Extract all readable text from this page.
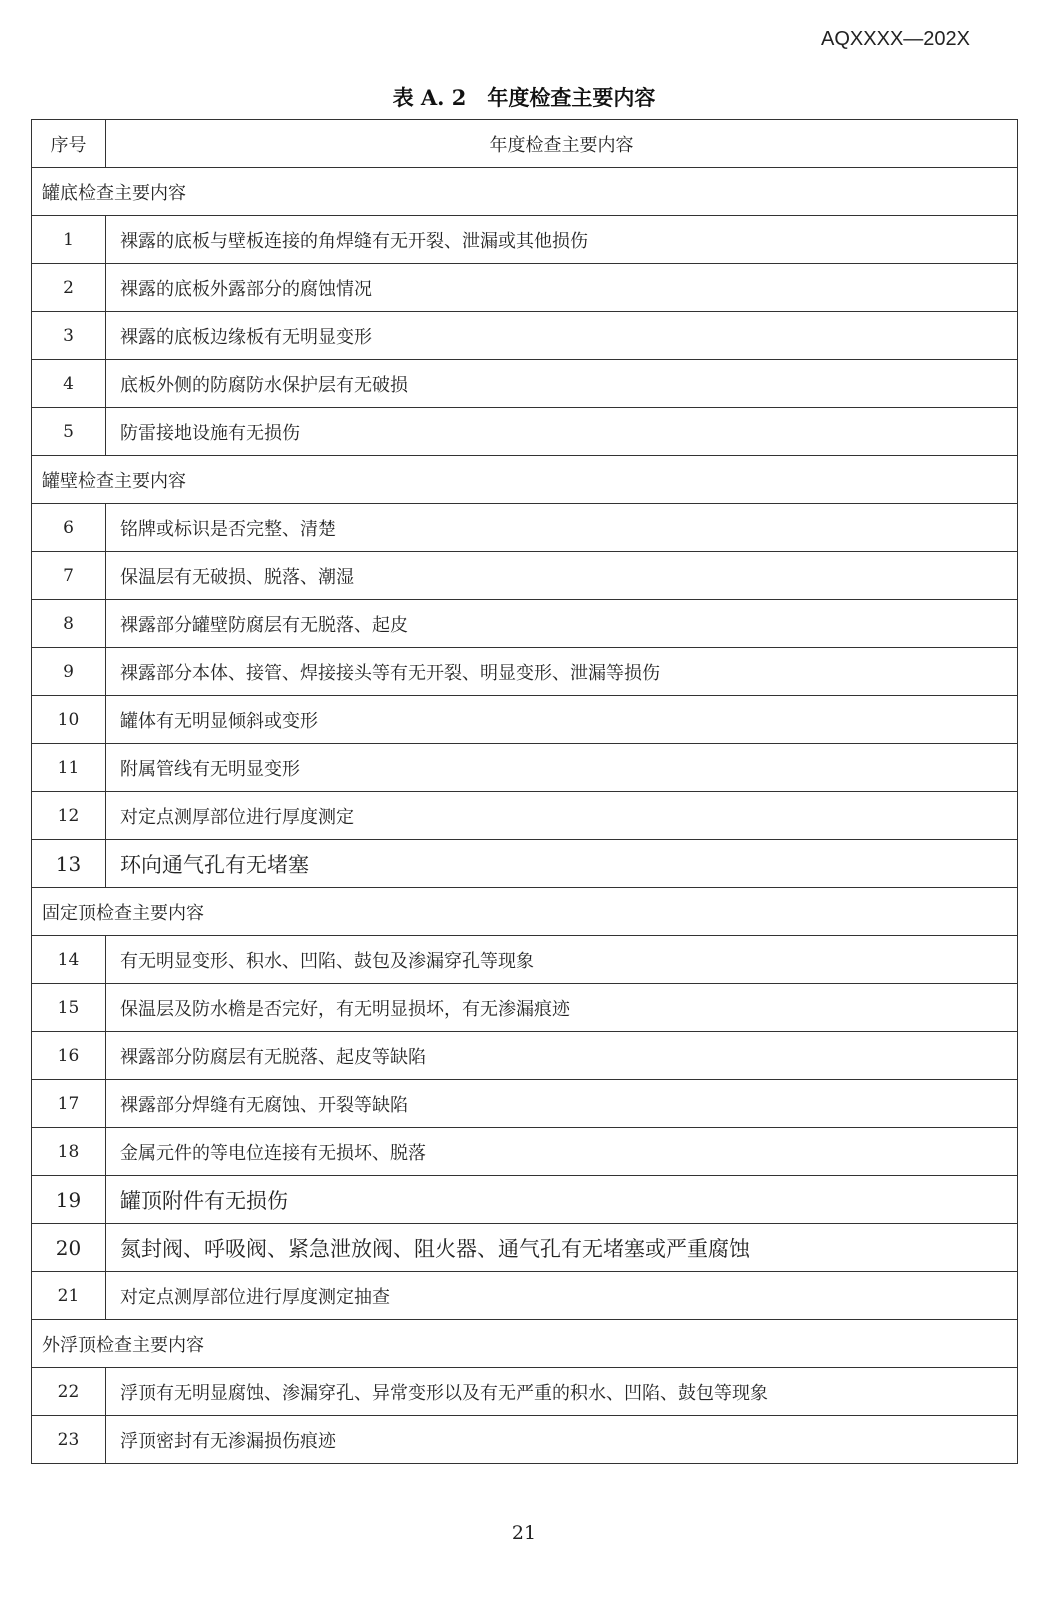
AQXXXX—202X
表 A. 2　年度检查主要内容
序号	年度检查主要内容
罐底检查主要内容	
1	裸露的底板与壁板连接的角焊缝有无开裂、泄漏或其他损伤
2	裸露的底板外露部分的腐蚀情况
3	裸露的底板边缘板有无明显变形
4	底板外侧的防腐防水保护层有无破损
5	防雷接地设施有无损伤
罐壁检查主要内容	
6	铭牌或标识是否完整、清楚
7	保温层有无破损、脱落、潮湿
8	裸露部分罐壁防腐层有无脱落、起皮
9	裸露部分本体、接管、焊接接头等有无开裂、明显变形、泄漏等损伤
10	罐体有无明显倾斜或变形
11	附属管线有无明显变形
12	对定点测厚部位进行厚度测定
13	环向通气孔有无堵塞
固定顶检查主要内容	
14	有无明显变形、积水、凹陷、鼓包及渗漏穿孔等现象
15	保温层及防水檐是否完好，有无明显损坏，有无渗漏痕迹
16	裸露部分防腐层有无脱落、起皮等缺陷
17	裸露部分焊缝有无腐蚀、开裂等缺陷
18	金属元件的等电位连接有无损坏、脱落
19	罐顶附件有无损伤
20	氮封阀、呼吸阀、紧急泄放阀、阻火器、通气孔有无堵塞或严重腐蚀
21	对定点测厚部位进行厚度测定抽查
外浮顶检查主要内容	
22	浮顶有无明显腐蚀、渗漏穿孔、异常变形以及有无严重的积水、凹陷、鼓包等现象
23	浮顶密封有无渗漏损伤痕迹
21
